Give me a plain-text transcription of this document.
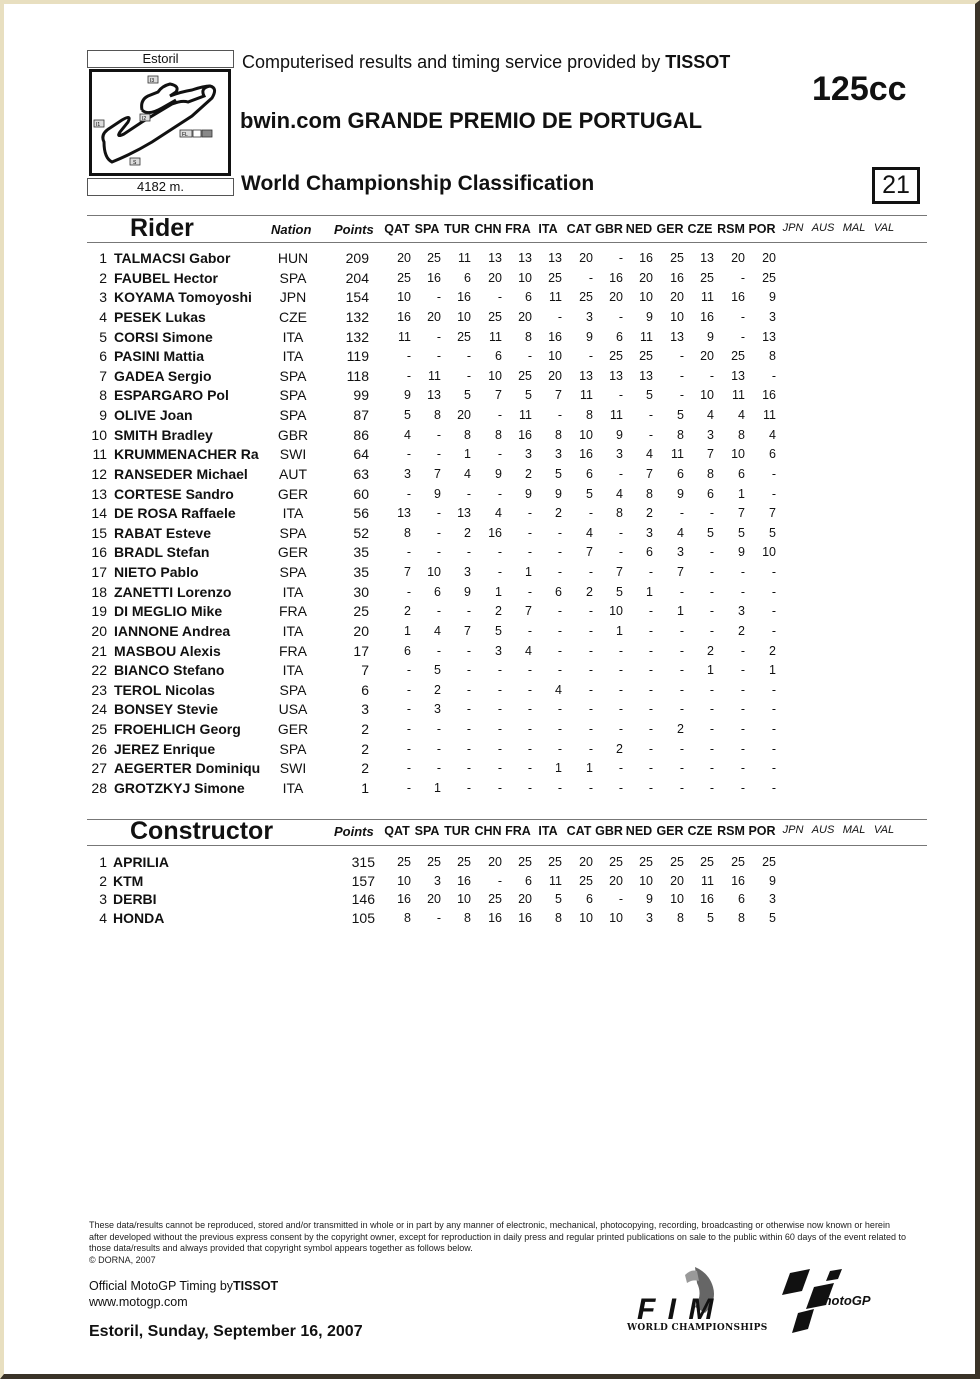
Estoril
I3
I2
I1
FL
S
4182 m.
Computerised results and timing service provided by TISSOT
bwin.com GRANDE PREMIO DE PORTUGAL
World Championship Classification
125cc
21
Rider	Nation Points QAT SPA TUR CHN FRA ITA CAT GBR NED GER CZE RSM POR JPN AUS MAL VAL
1 TALMACSI Gabor	HUN	209	20	25	11	13	13	13	20	-	16	25	13	20	20
2 FAUBEL Hector	SPA	204	25	16	6	20	10	25	-	16	20	16	25	-	25
3 KOYAMA Tomoyoshi	JPN	154	10	-	16	-	6	11	25	20	10	20	11	16	9
4 PESEK Lukas	CZE	132	16	20	10	25	20	-	3	-	9	10	16	-	3
5 CORSI Simone	ITA	132	11	-	25	11	8	16	9	6	11	13	9	-	13
6 PASINI Mattia	ITA	119	-	-	-	6	-	10	-	25	25	-	20	25	8
7 GADEA Sergio	SPA	118	-	11	-	10	25	20	13	13	13	-	-	13	-
8 ESPARGARO Pol	SPA	99	9	13	5	7	5	7	11	-	5	-	10	11	16
9 OLIVE Joan	SPA	87	5	8	20	-	11	-	8	11	-	5	4	4	11
10 SMITH Bradley	GBR	86	4	-	8	8	16	8	10	9	-	8	3	8	4
11 KRUMMENACHER Ra	SWI	64	-	-	1	-	3	3	16	3	4	11	7	10	6
12 RANSEDER Michael	AUT	63	3	7	4	9	2	5	6	-	7	6	8	6	-
13 CORTESE Sandro	GER	60	-	9	-	-	9	9	5	4	8	9	6	1	-
14 DE ROSA Raffaele	ITA	56	13	-	13	4	-	2	-	8	2	-	-	7	7
15 RABAT Esteve	SPA	52	8	-	2	16	-	-	4	-	3	4	5	5	5
16 BRADL Stefan	GER	35	-	-	-	-	-	-	7	-	6	3	-	9	10
17 NIETO Pablo	SPA	35	7	10	3	-	1	-	-	7	-	7	-	-	-
18 ZANETTI Lorenzo	ITA	30	-	6	9	1	-	6	2	5	1	-	-	-	-
19 DI MEGLIO Mike	FRA	25	2	-	-	2	7	-	-	10	-	1	-	3	-
20 IANNONE Andrea	ITA	20	1	4	7	5	-	-	-	1	-	-	-	2	-
21 MASBOU Alexis	FRA	17	6	-	-	3	4	-	-	-	-	-	2	-	2
22 BIANCO Stefano	ITA	7	-	5	-	-	-	-	-	-	-	-	1	-	1
23 TEROL Nicolas	SPA	6	-	2	-	-	-	4	-	-	-	-	-	-	-
24 BONSEY Stevie	USA	3	-	3	-	-	-	-	-	-	-	-	-	-	-
25 FROEHLICH Georg	GER	2	-	-	-	-	-	-	-	-	-	2	-	-	-
26 JEREZ Enrique	SPA	2	-	-	-	-	-	-	-	2	-	-	-	-	-
27 AEGERTER Dominiqu	SWI	2	-	-	-	-	-	1	1	-	-	-	-	-	-
28 GROTZKYJ Simone	ITA	1	-	1	-	-	-	-	-	-	-	-	-	-	-
Constructor	Points QAT SPA TUR CHN FRA ITA CAT GBR NED GER CZE RSM POR JPN AUS MAL VAL
1 APRILIA	315	25	25	25	20	25	25	20	25	25	25	25	25	25
2 KTM	157	10	3	16	-	6	11	25	20	10	20	11	16	9
3 DERBI	146	16	20	10	25	20	5	6	-	9	10	16	6	3
4 HONDA	105	8	-	8	16	16	8	10	10	3	8	5	8	5
These data/results cannot be reproduced, stored and/or transmitted in whole or in part by any manner of electronic, mechanical, photocopying, recording, broadcasting or otherwise now known or herein after developed without the previous express consent by the copyright owner, except for reproduction in daily press and regular printed publications on sale to the public within 60 days of the event related to those data/results and always provided that copyright symbol appears together as follows below.
© DORNA, 2007
Official MotoGP Timing byTISSOT
www.motogp.com
Estoril, Sunday, September 16, 2007
F I M
WORLD CHAMPIONSHIPS
motoGP
